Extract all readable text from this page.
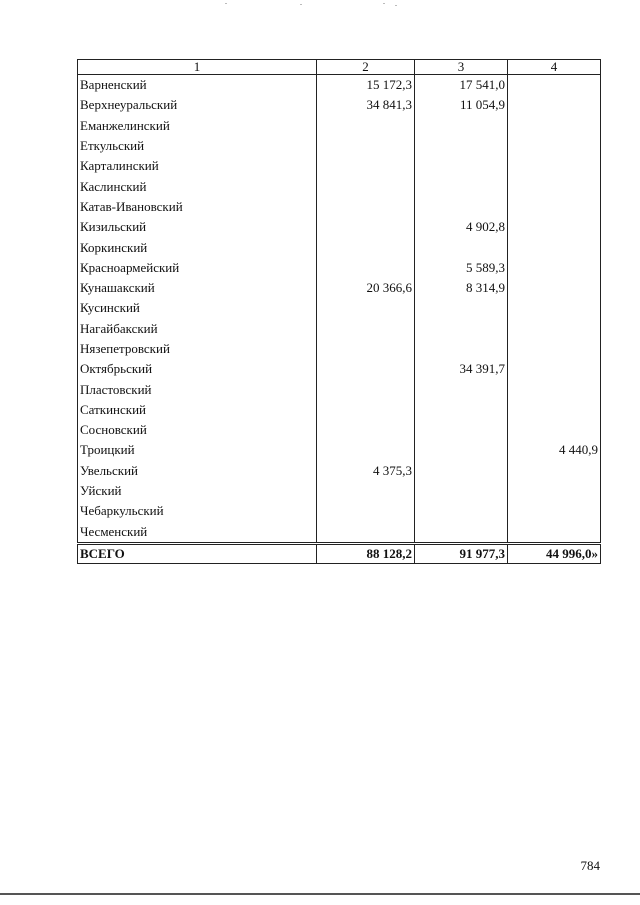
1	2	3	4
Варненский	15 172,3	17 541,0	
Верхнеуральский	34 841,3	11 054,9	
Еманжелинский			
Еткульский			
Карталинский			
Каслинский			
Катав-Ивановский			
Кизильский		4 902,8	
Коркинский			
Красноармейский		5 589,3	
Кунашакский	20 366,6	8 314,9	
Кусинский			
Нагайбакский			
Нязепетровский			
Октябрьский		34 391,7	
Пластовский			
Саткинский			
Сосновский			
Троицкий			4 440,9
Увельский	4 375,3		
Уйский			
Чебаркульский			
Чесменский			
ВСЕГО	88 128,2	91 977,3	44 996,0»
784
